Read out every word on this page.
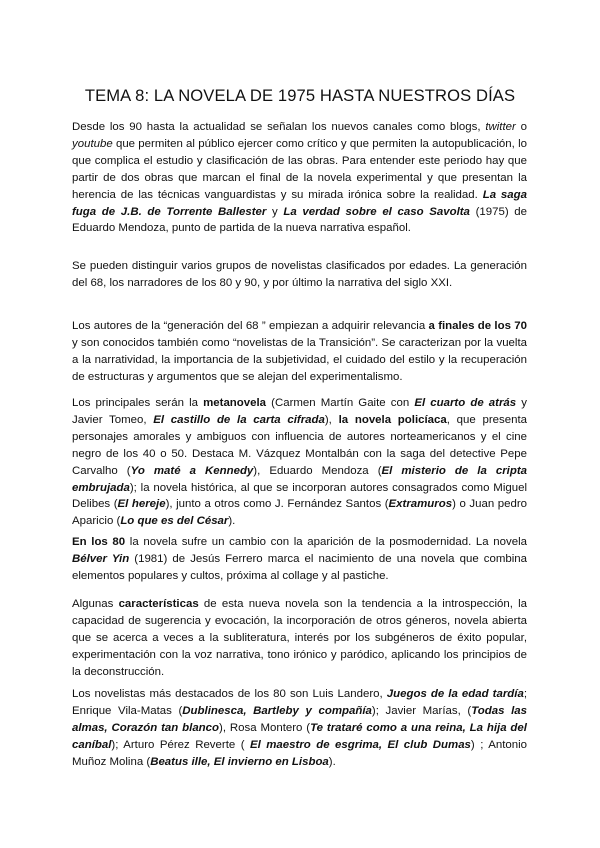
TEMA 8: LA NOVELA DE 1975 HASTA NUESTROS DÍAS

Desde los 90 hasta la actualidad se señalan los nuevos canales como blogs, twitter o youtube que permiten al público ejercer como crítico y que permiten la autopublicación, lo que complica el estudio y clasificación de las obras. Para entender este periodo hay que partir de dos obras que marcan el final de la novela experimental y que presentan la herencia de las técnicas vanguardistas y su mirada irónica sobre la realidad. La saga fuga de J.B. de Torrente Ballester y La verdad sobre el caso Savolta (1975) de Eduardo Mendoza, punto de partida de la nueva narrativa español.

Se pueden distinguir varios grupos de novelistas clasificados por edades. La generación del 68, los narradores de los 80 y 90, y por último la narrativa del siglo XXI.

Los autores de la “generación del 68 ” empiezan a adquirir relevancia a finales de los 70 y son conocidos también como “novelistas de la Transición”. Se caracterizan por la vuelta a la narratividad, la importancia de la subjetividad, el cuidado del estilo y la recuperación de estructuras y argumentos que se alejan del experimentalismo.

Los principales serán la metanovela (Carmen Martín Gaite con El cuarto de atrás y Javier Tomeo, El castillo de la carta cifrada), la novela policíaca, que presenta personajes amorales y ambiguos con influencia de autores norteamericanos y el cine negro de los 40 o 50. Destaca M. Vázquez Montalbán con la saga del detective Pepe Carvalho (Yo maté a Kennedy), Eduardo Mendoza (El misterio de la cripta embrujada); la novela histórica, al que se incorporan autores consagrados como Miguel Delibes (El hereje), junto a otros como J. Fernández Santos (Extramuros) o Juan pedro Aparicio (Lo que es del César).

En los 80 la novela sufre un cambio con la aparición de la posmodernidad. La novela Bélver Yin (1981) de Jesús Ferrero marca el nacimiento de una novela que combina elementos populares y cultos, próxima al collage y al pastiche.

Algunas características de esta nueva novela son la tendencia a la introspección, la capacidad de sugerencia y evocación, la incorporación de otros géneros, novela abierta que se acerca a veces a la subliteratura, interés por los subgéneros de éxito popular, experimentación con la voz narrativa, tono irónico y paródico, aplicando los principios de la deconstrucción.

Los novelistas más destacados de los 80 son Luis Landero, Juegos de la edad tardía; Enrique Vila-Matas (Dublinesca, Bartleby y compañía); Javier Marías, (Todas las almas, Corazón tan blanco), Rosa Montero (Te trataré como a una reina, La hija del caníbal); Arturo Pérez Reverte ( El maestro de esgrima, El club Dumas) ; Antonio Muñoz Molina (Beatus ille, El invierno en Lisboa).
